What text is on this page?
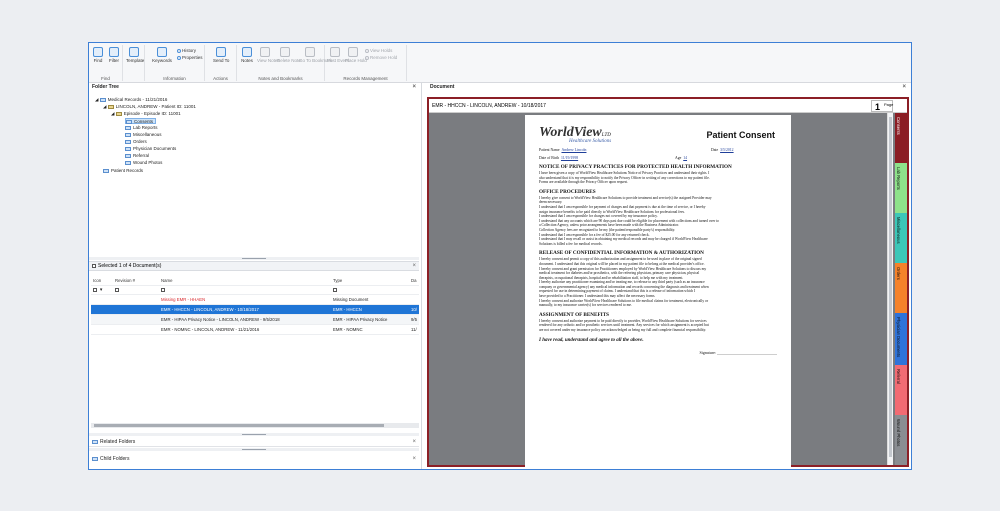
Find	Filter
Find
Template Keywords
History
Properties
Information
Send To
Actions
Notes View Notes
Delete Note
Go To Bookmark
Notes and Bookmarks
Post Event
Place Hold
View Holds
Remove Hold
Records Management
Folder Tree	×
◢ Medical Records - 11/21/2016
◢ LINCOLN, ANDREW - Patient ID: 11001
◢ Episode - Episode ID: 11001
Consents
Lab Reports
Miscellaneous
Orders
Physician Documents
Referral
Wound Photos
Patient Records
Selected 1 of 4 Document(s)	×
Icon	Revision #	Name	Type	Da
▼				
		Missing EMR - HHAEN	Missing Document	
		EMR - HHCCN - LINCOLN, ANDREW - 10/18/2017	EMR - HHCCN	10/
		EMR - HIPAA Privacy Notice - LINCOLN, ANDREW - 9/5/2018	EMR - HIPAA Privacy Notice	9/5
		EMR - NOMNC - LINCOLN, ANDREW - 11/21/2016	EMR - NOMNC	11/
Related Folders	×
Child Folders	×
Document	×
EMR - HHCCN - LINCOLN, ANDREW - 10/18/2017	1 Page
WorldViewLTD
Healthcare Solutions
Patient Consent
Patient Name Andrew Lincoln	Date 3/5/2012
Date of Birth 11/19/1998	Age 14
NOTICE OF PRIVACY PRACTICES FOR PROTECTED HEALTH INFORMATION
I have been given a copy of WorldView Healthcare Solutions Notice of Privacy Practices and understand their rights. I
also understand that it is my responsibility to notify the Privacy Officer in writing of any corrections to my patient file.
Forms are available through the Privacy Officer upon request.
OFFICE PROCEDURES
I hereby give consent to WorldView Healthcare Solutions to provide treatment and service(s) the assigned Provider may
deem necessary.
I understand that I am responsible for payment of charges and that payment is due at the time of service, or I hereby
assign insurance benefits to be paid directly to WorldView Healthcare Solutions for professional fees.
I understand that I am responsible for charges not covered by my insurance policy.
I understand that any accounts which are 90 days past due could be eligible for placement with collections and turned over to
a Collection Agency, unless prior arrangements have been made with the Business Administrator.
Collection Agency fees are recognized to be my (the patient/responsible party's) responsibility.
I understand that I am responsible for a fee of $25.00 for any returned check.
I understand that I may recall or assist in obtaining my medical records and may be charged if WorldView Healthcare
Solutions is billed a fee for medical records.
RELEASE OF CONFIDENTIAL INFORMATION & AUTHORIZATION
I hereby consent and permit a copy of this authorization and assignment to be used in place of the original signed
document. I understand that this original will be placed in my patient file to belong at the medical provider's office.
I hereby consent and grant permission for Practitioners employed by WorldView Healthcare Solutions to discuss my
medical treatment for diabetes and/or prosthetics, with the referring physician, primary care physician, physical
therapists, occupational therapists, hospital and/or rehabilitation staff, to help me with my treatment.
I hereby authorize any practitioner examining and/or treating me, to release to any third party (such as an insurance
company or governmental agency) any medical information and records concerning the diagnosis and treatment when
requested for use in determining payment of claims. I understand that this is a release of information which I
have provided to a Practitioner. I understand this may affect the necessary forms.
I hereby consent and authorize WorldView Healthcare Solutions to file medical claims for treatment, electronically or
manually, to my insurance carrier(s) for services rendered to me.
ASSIGNMENT OF BENEFITS
I hereby consent and authorize payment to be paid directly to provider, WorldView Healthcare Solutions for services
rendered for any orthotic and/or prosthetic services until treatment. Any services for which assignment is accepted but
are not covered under my insurance policy are acknowledged as being my full and complete financial responsibility.
I have read, understand and agree to all the above.
Signature: ______________________________
Consents
Lab Reports
Miscellaneous
Orders
Physician Documents
Referral
Wound Photos
